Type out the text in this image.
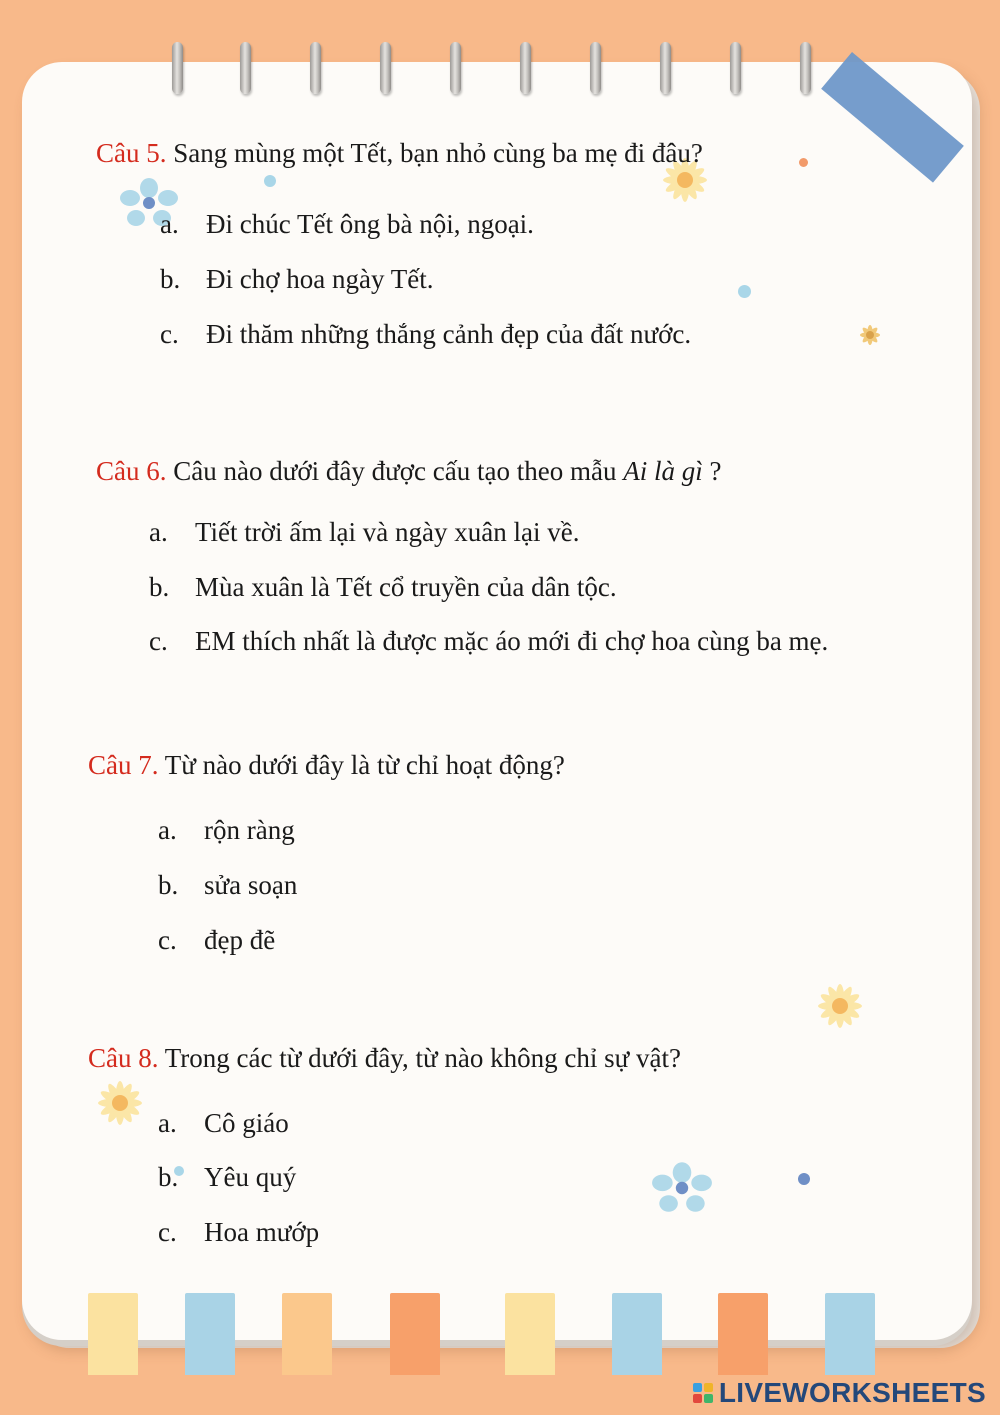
Câu 5. Sang mùng một Tết, bạn nhỏ cùng ba mẹ đi đâu?
a. Đi chúc Tết ông bà nội, ngoại.
b. Đi chợ hoa ngày Tết.
c. Đi thăm những thắng cảnh đẹp của đất nước.
Câu 6. Câu nào dưới đây được cấu tạo theo mẫu Ai là gì ?
a. Tiết trời ấm lại và ngày xuân lại về.
b. Mùa xuân là Tết cổ truyền của dân tộc.
c. EM thích nhất là được mặc áo mới đi chợ hoa cùng ba mẹ.
Câu 7. Từ nào dưới đây là từ chỉ hoạt động?
a. rộn ràng
b. sửa soạn
c. đẹp đẽ
Câu 8. Trong các từ dưới đây, từ nào không chỉ sự vật?
a. Cô giáo
b. Yêu quý
c. Hoa mướp
LIVEWORKSHEETS
